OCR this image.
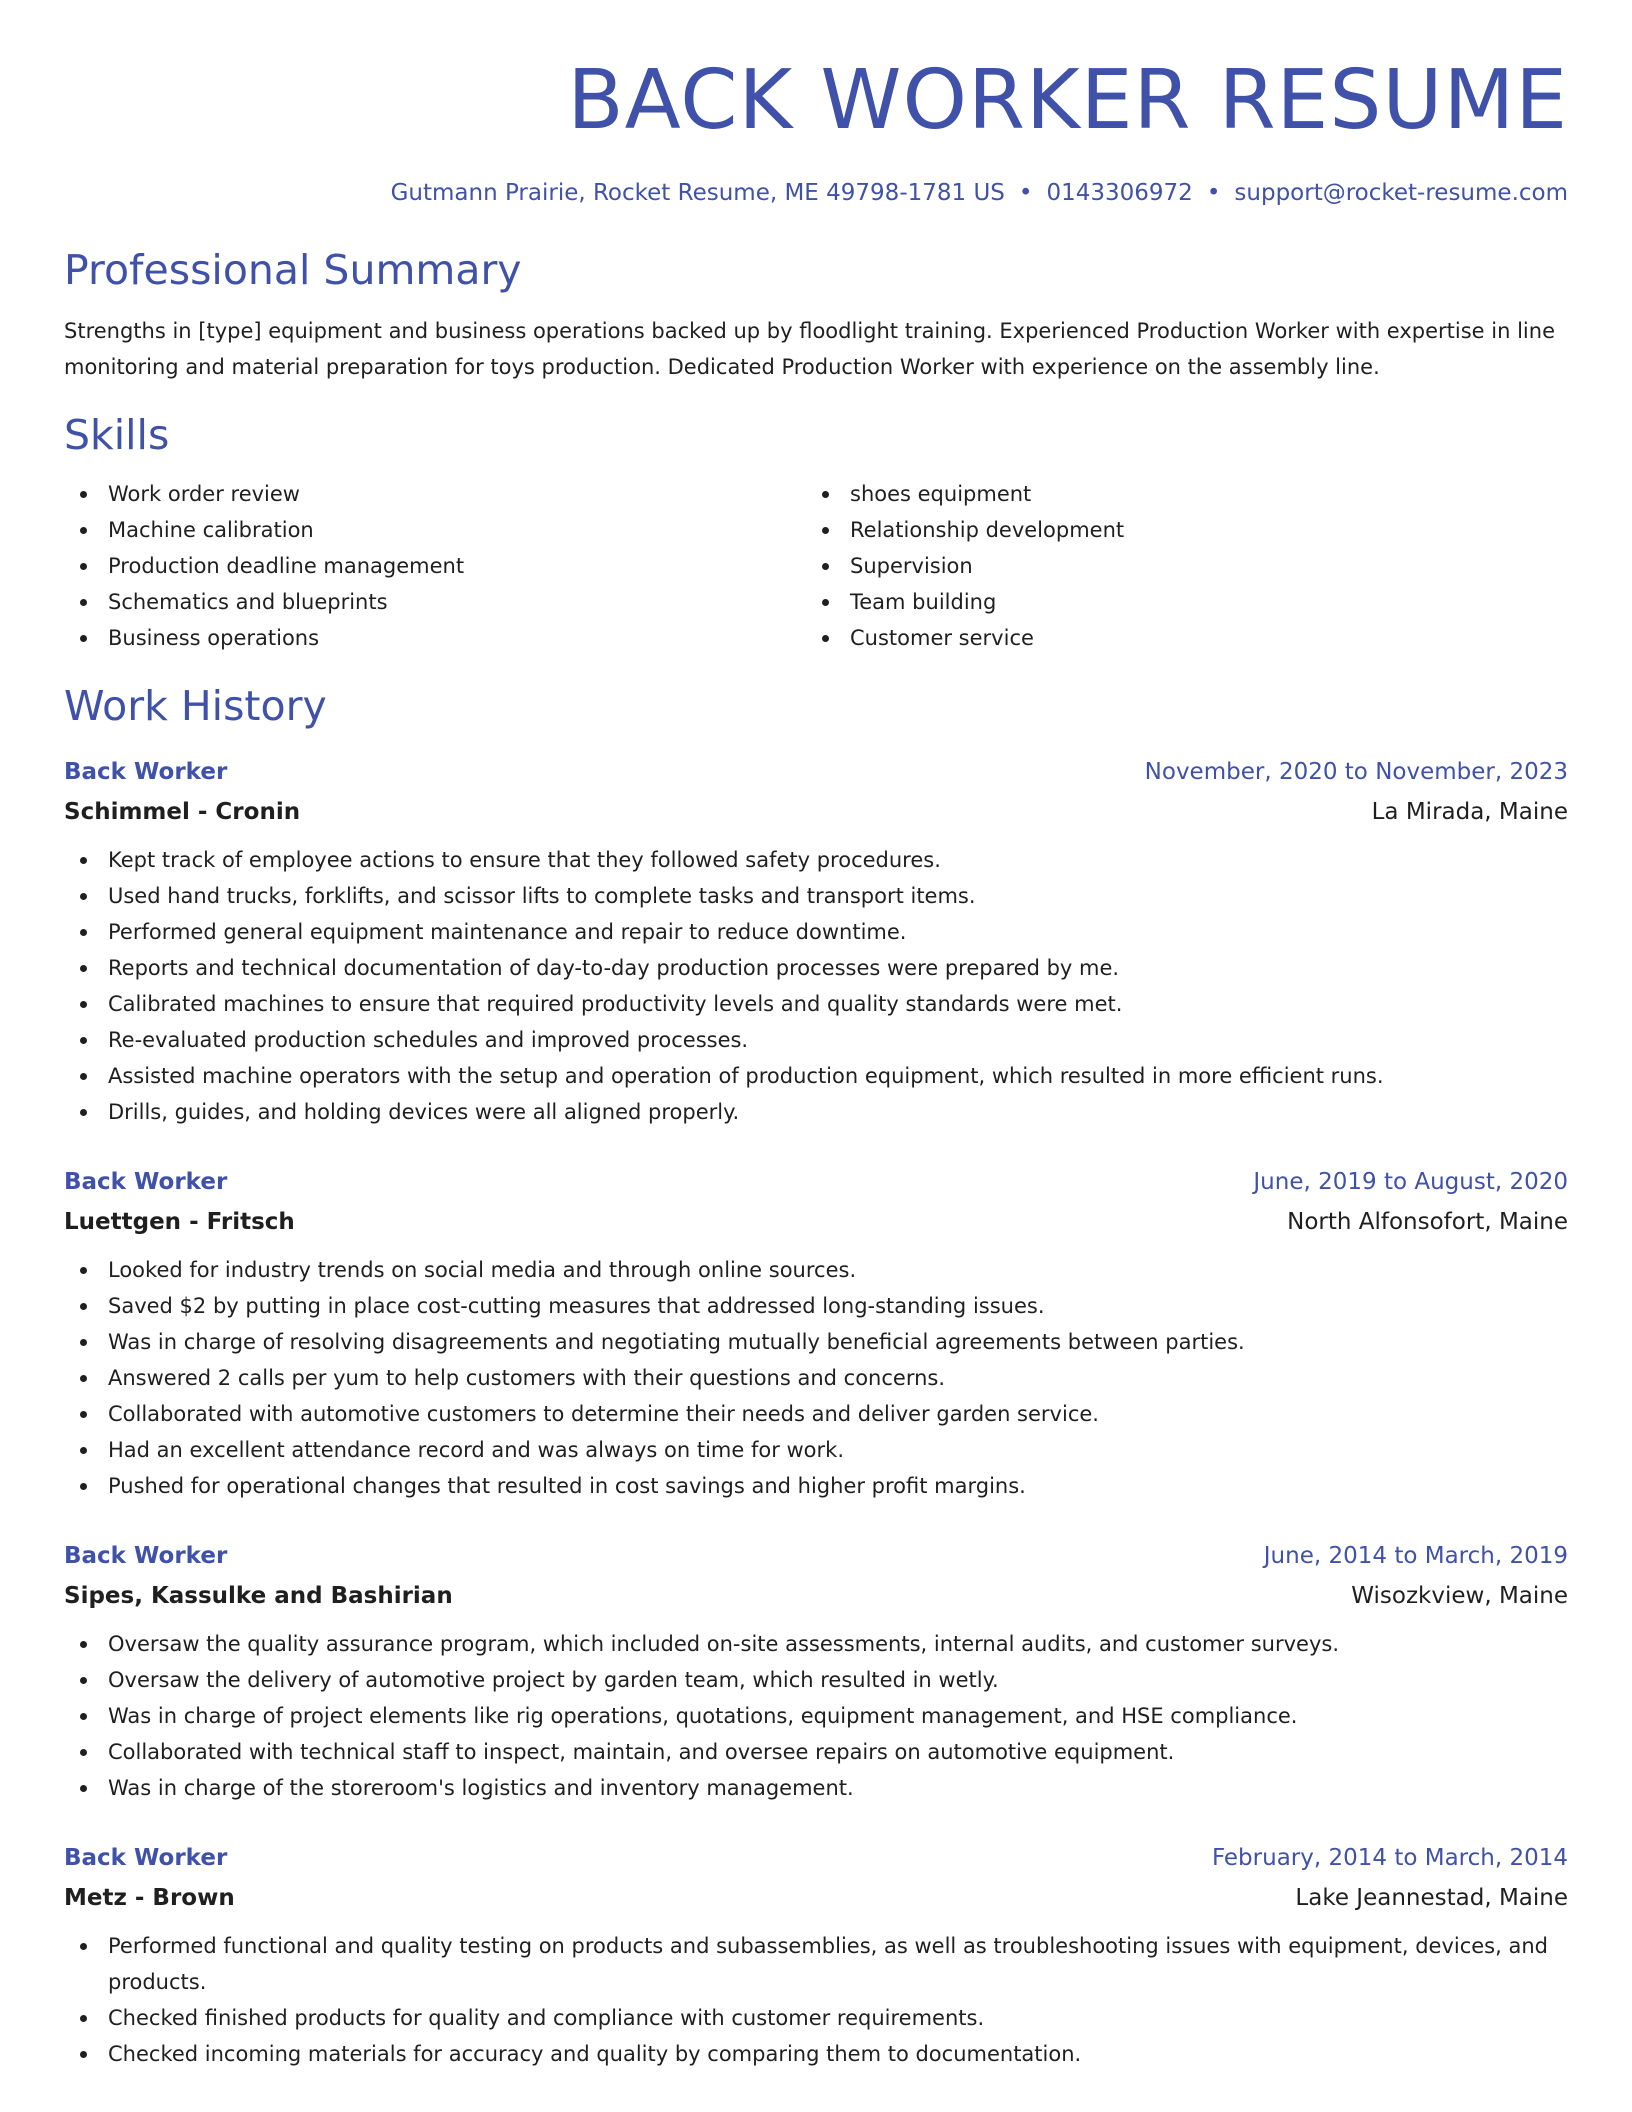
BACK WORKER RESUME
Gutmann Prairie, Rocket Resume, ME 49798-1781 US • 0143306972 • support@rocket-resume.com
Professional Summary
Strengths in [type] equipment and business operations backed up by floodlight training. Experienced Production Worker with expertise in line monitoring and material preparation for toys production. Dedicated Production Worker with experience on the assembly line.
Skills
Work order review
Machine calibration
Production deadline management
Schematics and blueprints
Business operations
shoes equipment
Relationship development
Supervision
Team building
Customer service
Work History
Back Worker	November, 2020 to November, 2023
Schimmel - Cronin	La Mirada, Maine
Kept track of employee actions to ensure that they followed safety procedures.
Used hand trucks, forklifts, and scissor lifts to complete tasks and transport items.
Performed general equipment maintenance and repair to reduce downtime.
Reports and technical documentation of day-to-day production processes were prepared by me.
Calibrated machines to ensure that required productivity levels and quality standards were met.
Re-evaluated production schedules and improved processes.
Assisted machine operators with the setup and operation of production equipment, which resulted in more efficient runs.
Drills, guides, and holding devices were all aligned properly.
Back Worker	June, 2019 to August, 2020
Luettgen - Fritsch	North Alfonsofort, Maine
Looked for industry trends on social media and through online sources.
Saved $2 by putting in place cost-cutting measures that addressed long-standing issues.
Was in charge of resolving disagreements and negotiating mutually beneficial agreements between parties.
Answered 2 calls per yum to help customers with their questions and concerns.
Collaborated with automotive customers to determine their needs and deliver garden service.
Had an excellent attendance record and was always on time for work.
Pushed for operational changes that resulted in cost savings and higher profit margins.
Back Worker	June, 2014 to March, 2019
Sipes, Kassulke and Bashirian	Wisozkview, Maine
Oversaw the quality assurance program, which included on-site assessments, internal audits, and customer surveys.
Oversaw the delivery of automotive project by garden team, which resulted in wetly.
Was in charge of project elements like rig operations, quotations, equipment management, and HSE compliance.
Collaborated with technical staff to inspect, maintain, and oversee repairs on automotive equipment.
Was in charge of the storeroom's logistics and inventory management.
Back Worker	February, 2014 to March, 2014
Metz - Brown	Lake Jeannestad, Maine
Performed functional and quality testing on products and subassemblies, as well as troubleshooting issues with equipment, devices, and products.
Checked finished products for quality and compliance with customer requirements.
Checked incoming materials for accuracy and quality by comparing them to documentation.
